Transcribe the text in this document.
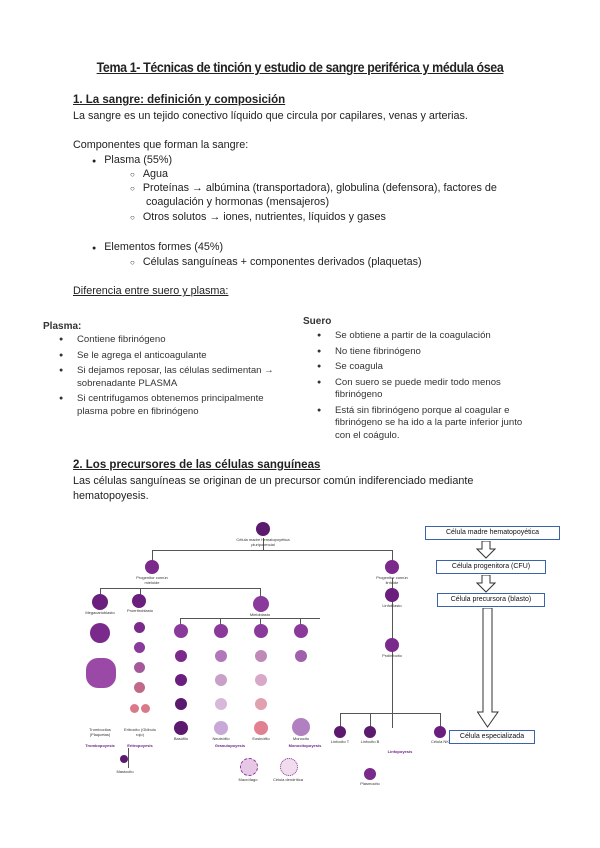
Tema 1- Técnicas de tinción y estudio de sangre periférica y médula ósea
1. La sangre: definición y composición
La sangre es un tejido conectivo líquido que circula por capilares, venas y arterias.
Componentes que forman la sangre:
● Plasma (55%)
○ Agua
○ Proteínas → albúmina (transportadora), globulina (defensora), factores de
coagulación y hormonas (mensajeros)
○ Otros solutos → iones, nutrientes, líquidos y gases
● Elementos formes (45%)
○ Células sanguíneas + componentes derivados (plaquetas)
Diferencia entre suero y plasma:
Plasma:
● Contiene fibrinógeno
● Se le agrega el anticoagulante
● Si dejamos reposar, las células sedimentan → sobrenadante PLASMA
● Si centrifugamos obtenemos principalmente plasma pobre en fibrinógeno
Suero
● Se obtiene a partir de la coagulación
● No tiene fibrinógeno
● Se coagula
● Con suero se puede medir todo menos fibrinógeno
● Está sin fibrinógeno porque al coagular e fibrinógeno se ha ido a la parte inferior junto con el coágulo.
2. Los precursores de las células sanguíneas
Las células sanguíneas se originan de un precursor común indiferenciado mediante hematopoyesis.
Célula madre hematopoyética pluripotencial
Progenitor común mieloide
Progenitor común linfoide
Megacarioblasto
Trombocitos (Plaquetas)
Mastocito
Proeritroblasto
Eritrocito (Glóbulo rojo)
Mieloblasto
Basófilo	Neutrófilo	Eosinófilo	Monocito
Linfoblasto
Prolinfocito
Linfocito T	Linfocito B	Célula NK
Plasmocito
Macrófago	Célula dendrítica
Trombopoyesis	Eritropoyesis	Granulopoyesis	Monocitopoyesis
Linfopoyesis
Célula madre hematopoyética
Célula progenitora (CFU)
Célula precursora (blasto)
Célula especializada
